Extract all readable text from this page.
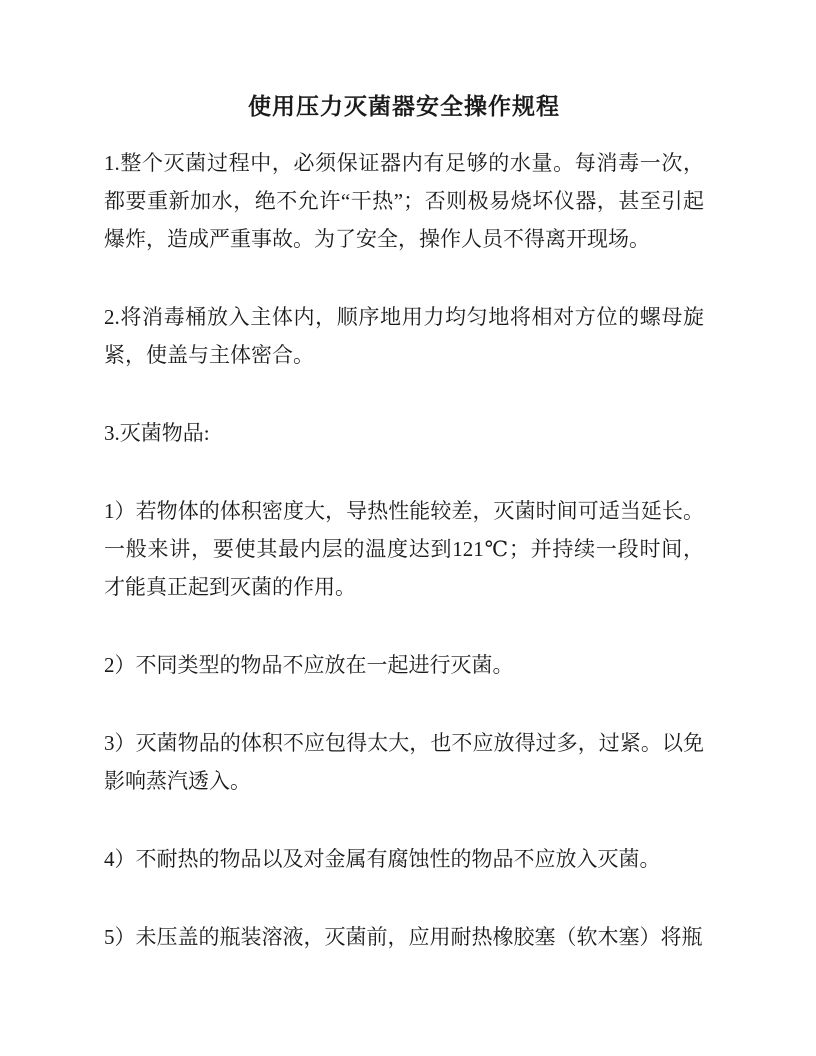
使用压力灭菌器安全操作规程

1.整个灭菌过程中，必须保证器内有足够的水量。每消毒一次，都要重新加水，绝不允许“干热”；否则极易烧坏仪器，甚至引起爆炸，造成严重事故。为了安全，操作人员不得离开现场。

2.将消毒桶放入主体内，顺序地用力均匀地将相对方位的螺母旋紧，使盖与主体密合。

3.灭菌物品:

1）若物体的体积密度大，导热性能较差，灭菌时间可适当延长。一般来讲，要使其最内层的温度达到121℃；并持续一段时间，才能真正起到灭菌的作用。

2）不同类型的物品不应放在一起进行灭菌。

3）灭菌物品的体积不应包得太大，也不应放得过多，过紧。以免影响蒸汽透入。

4）不耐热的物品以及对金属有腐蚀性的物品不应放入灭菌。

5）未压盖的瓶装溶液，灭菌前，应用耐热橡胶塞（软木塞）将瓶
